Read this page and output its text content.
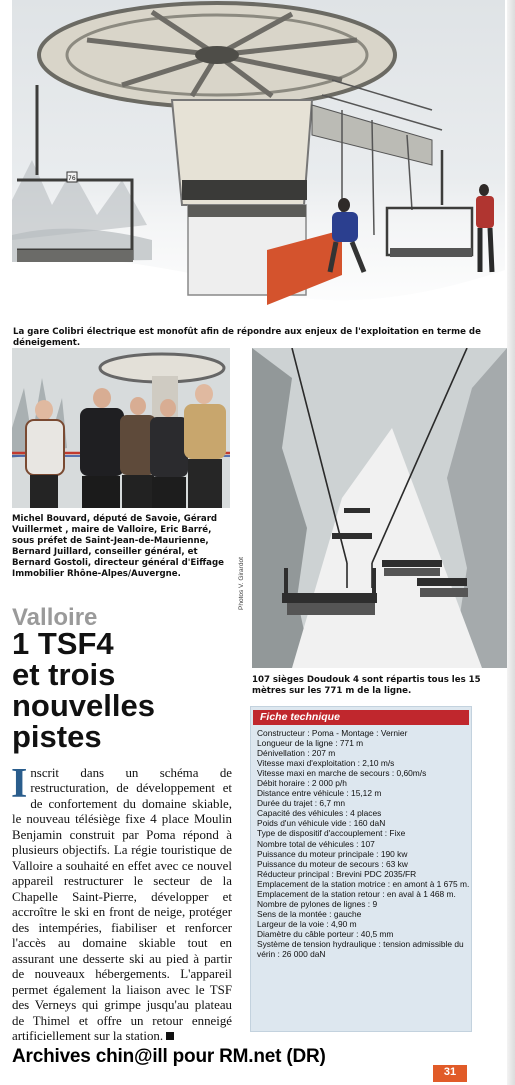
76
La gare Colibri électrique est monofût afin de répondre aux enjeux de l'exploitation en terme de déneigement.
Michel Bouvard, député de Savoie, Gérard Vuillermet , maire de Valloire, Eric Barré, sous préfet de Saint-Jean-de-Maurienne, Bernard Juillard, conseiller général, et Bernard Gostoli, directeur général d'Eiffage Immobilier Rhône-Alpes/Auvergne.	Photos V. Girardot
107 sièges Doudouk 4 sont répartis tous les 15 mètres sur les 771 m de la ligne.
Valloire
1 TSF4
et trois
nouvelles
pistes
Inscrit dans un schéma de restructuration, de développement et de confortement du domaine skiable, le nouveau télésiège fixe 4 place Moulin Benjamin construit par Poma répond à plusieurs objectifs. La régie touristique de Valloire a souhaité en effet avec ce nouvel appareil restructurer le secteur de la Chapelle Saint-Pierre, développer et accroître le ski en front de neige, protéger des intempéries, fiabiliser et renforcer l'accès au domaine skiable tout en assurant une desserte ski au pied à partir de nouveaux hébergements. L'appareil permet également la liaison avec le TSF des Verneys qui grimpe jusqu'au plateau de Thimel et offre un retour enneigé artificiellement sur la station.
Fiche technique
Constructeur : Poma - Montage : Vernier
Longueur de la ligne : 771 m
Dénivellation : 207 m
Vitesse maxi d'exploitation : 2,10 m/s
Vitesse maxi en marche de secours : 0,60m/s
Débit horaire : 2 000 p/h
Distance entre véhicule : 15,12 m
Durée du trajet : 6,7 mn
Capacité des véhicules : 4 places
Poids d'un véhicule vide : 160 daN
Type de dispositif d'accouplement : Fixe
Nombre total de véhicules : 107
Puissance du moteur principale : 190 kw
Puissance du moteur de secours : 63 kw
Réducteur principal : Brevini PDC 2035/FR
Emplacement de la station motrice : en amont à 1 675 m.
Emplacement de la station retour : en aval à 1 468 m.
Nombre de pylones de lignes : 9
Sens de la montée : gauche
Largeur de la voie : 4,90 m
Diamètre du câble porteur : 40,5 mm
Système de tension hydraulique : tension admissible du vérin : 26 000 daN
Archives chin@ill pour RM.net (DR)
31
